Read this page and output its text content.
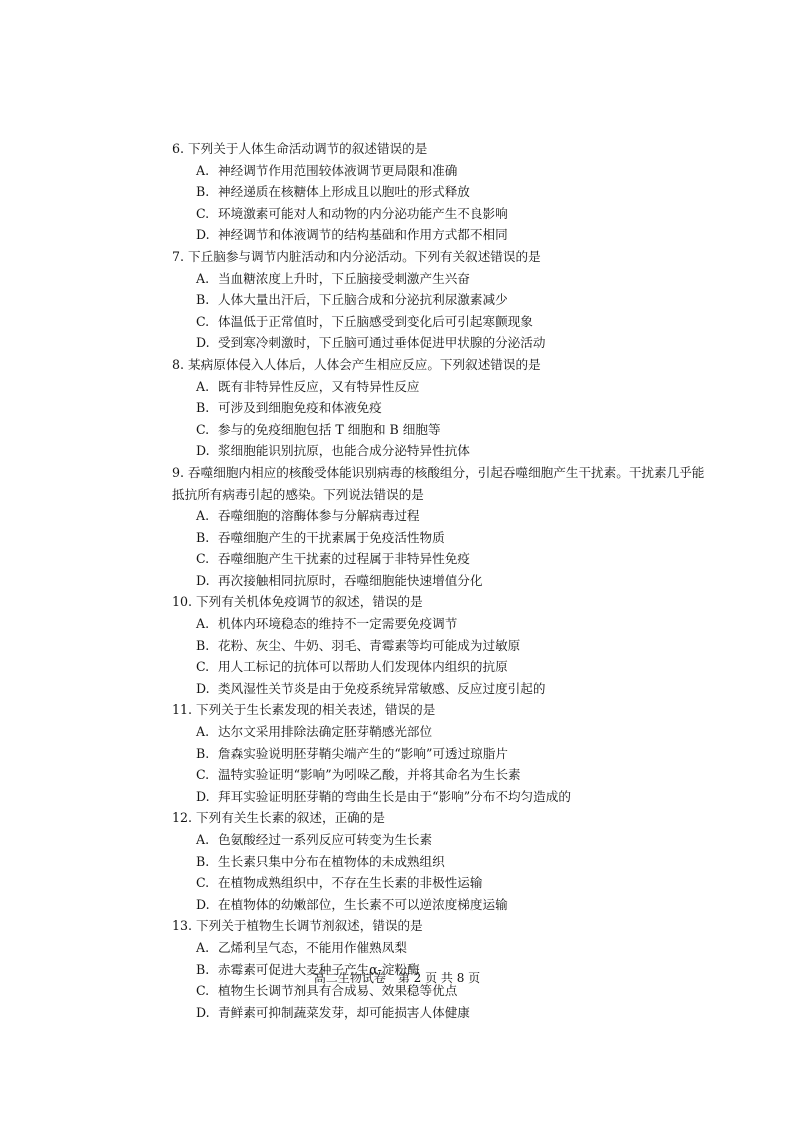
6. 下列关于人体生命活动调节的叙述错误的是

A. 神经调节作用范围较体液调节更局限和准确
B. 神经递质在核糖体上形成且以胞吐的形式释放
C. 环境激素可能对人和动物的内分泌功能产生不良影响
D. 神经调节和体液调节的结构基础和作用方式都不相同

7. 下丘脑参与调节内脏活动和内分泌活动。下列有关叙述错误的是

A. 当血糖浓度上升时，下丘脑接受刺激产生兴奋
B. 人体大量出汗后，下丘脑合成和分泌抗利尿激素减少
C. 体温低于正常值时，下丘脑感受到变化后可引起寒颤现象
D. 受到寒冷刺激时，下丘脑可通过垂体促进甲状腺的分泌活动

8. 某病原体侵入人体后，人体会产生相应反应。下列叙述错误的是

A. 既有非特异性反应，又有特异性反应
B. 可涉及到细胞免疫和体液免疫
C. 参与的免疫细胞包括 T 细胞和 B 细胞等
D. 浆细胞能识别抗原，也能合成分泌特异性抗体

9. 吞噬细胞内相应的核酸受体能识别病毒的核酸组分，引起吞噬细胞产生干扰素。干扰素几乎能抵抗所有病毒引起的感染。下列说法错误的是

A. 吞噬细胞的溶酶体参与分解病毒过程
B. 吞噬细胞产生的干扰素属于免疫活性物质
C. 吞噬细胞产生干扰素的过程属于非特异性免疫
D. 再次接触相同抗原时，吞噬细胞能快速增值分化

10. 下列有关机体免疫调节的叙述，错误的是

A. 机体内环境稳态的维持不一定需要免疫调节
B. 花粉、灰尘、牛奶、羽毛、青霉素等均可能成为过敏原
C. 用人工标记的抗体可以帮助人们发现体内组织的抗原
D. 类风湿性关节炎是由于免疫系统异常敏感、反应过度引起的

11. 下列关于生长素发现的相关表述，错误的是

A. 达尔文采用排除法确定胚芽鞘感光部位
B. 詹森实验说明胚芽鞘尖端产生的“影响”可透过琼脂片
C. 温特实验证明“影响”为吲哚乙酸，并将其命名为生长素
D. 拜耳实验证明胚芽鞘的弯曲生长是由于“影响”分布不均匀造成的

12. 下列有关生长素的叙述，正确的是

A. 色氨酸经过一系列反应可转变为生长素
B. 生长素只集中分布在植物体的未成熟组织
C. 在植物成熟组织中，不存在生长素的非极性运输
D. 在植物体的幼嫩部位，生长素不可以逆浓度梯度运输

13. 下列关于植物生长调节剂叙述，错误的是

A. 乙烯利呈气态，不能用作催熟凤梨
B. 赤霉素可促进大麦种子产生α-淀粉酶
C. 植物生长调节剂具有合成易、效果稳等优点
D. 青鲜素可抑制蔬菜发芽，却可能损害人体健康
高二生物试卷　第 2 页 共 8 页
